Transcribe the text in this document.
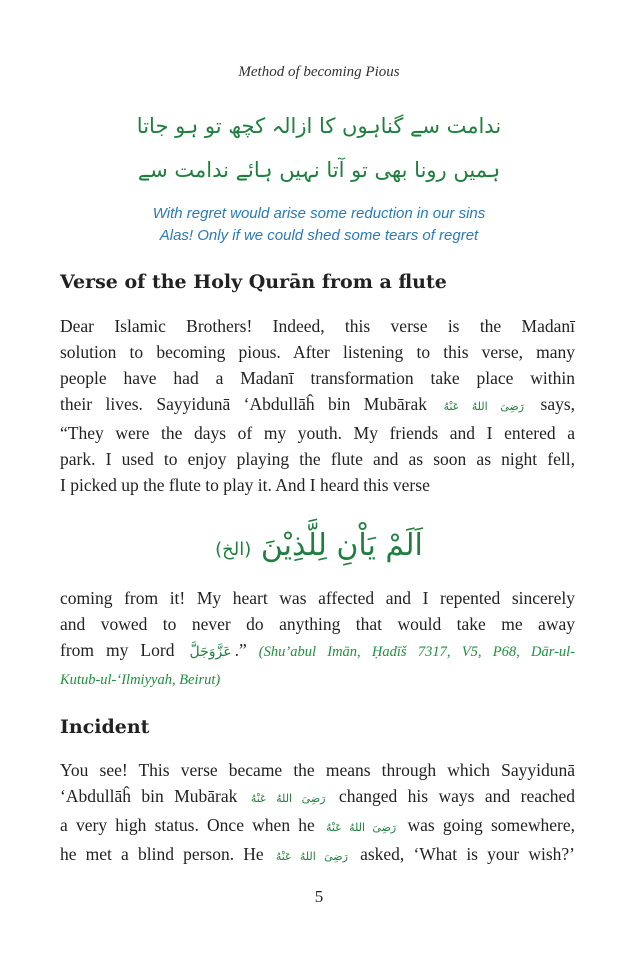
Method of becoming Pious
ندامت سے گناہوں کا ازالہ کچھ تو ہو جاتا
ہمیں رونا بھی تو آتا نہیں ہائے ندامت سے
With regret would arise some reduction in our sins
Alas! Only if we could shed some tears of regret
Verse of the Holy Qurān from a flute
Dear Islamic Brothers! Indeed, this verse is the Madanī
solution to becoming pious. After listening to this verse, many
people have had a Madanī transformation take place within
their lives. Sayyidunā ‘Abdullāĥ bin Mubārak رَضِیَ اللهُ عَنْهُ says,
“They were the days of my youth. My friends and I entered a
park. I used to enjoy playing the flute and as soon as night fell,
I picked up the flute to play it. And I heard this verse
اَلَمْ يَاْنِ لِلَّذِيْنَ (الخ)
coming from it! My heart was affected and I repented sincerely
and vowed to never do anything that would take me away
from my Lord عَزَّوَجَلَّ .” (Shu’abul Imān, Ḥadīš 7317, V5, P68, Dār-ul-
Kutub-ul-‘Ilmiyyah, Beirut)
Incident
You see! This verse became the means through which Sayyidunā
‘Abdullāĥ bin Mubārak رَضِیَ اللهُ عَنْهُ changed his ways and reached
a very high status. Once when he رَضِیَ اللهُ عَنْهُ was going somewhere,
he met a blind person. He رَضِیَ اللهُ عَنْهُ asked, ‘What is your wish?’
5
